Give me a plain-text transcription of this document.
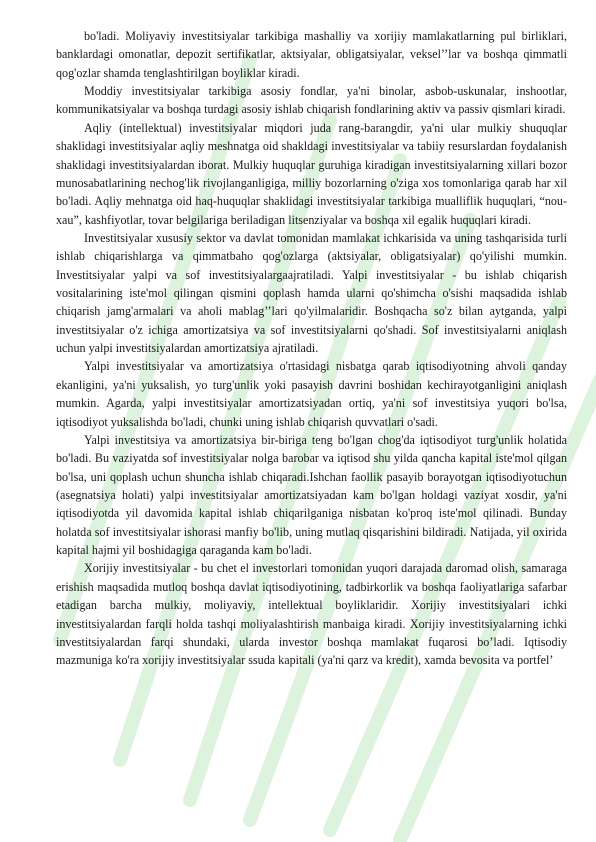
bo'ladi. Moliyaviy investitsiyalar tarkibiga mashalliy va xorijiy mamlakatlarning pul birliklari, banklardagi omonatlar, depozit sertifikatlar, aktsiyalar, obligatsiyalar, veksel’’lar va boshqa qimmatli qog'ozlar shamda tenglashtirilgan boyliklar kiradi.

Moddiy investitsiyalar tarkibiga asosiy fondlar, ya'ni binolar, asbob-uskunalar, inshootlar, kommunikatsiyalar va boshqa turdagi asosiy ishlab chiqarish fondlarining aktiv va passiv qismlari kiradi.

Aqliy (intellektual) investitsiyalar miqdori juda rang-barangdir, ya'ni ular mulkiy shuquqlar shaklidagi investitsiyalar aqliy meshnatga oid shakldagi investitsiyalar va tabiiy resurslardan foydalanish shaklidagi investitsiyalardan iborat. Mulkiy huquqlar guruhiga kiradigan investitsiyalarning xillari bozor munosabatlarining nechog'lik rivojlanganligiga, milliy bozorlarning o'ziga xos tomonlariga qarab har xil bo'ladi. Aqliy mehnatga oid haq-huquqlar shaklidagi investitsiyalar tarkibiga mualliflik huquqlari, “nou-xau”, kashfiyotlar, tovar belgilariga beriladigan litsenziyalar va boshqa xil egalik huquqlari kiradi.

Investitsiyalar xususiy sektor va davlat tomonidan mamlakat ichkarisida va uning tashqarisida turli ishlab chiqarishlarga va qimmatbaho qog'ozlarga (aktsiyalar, obligatsiyalar) qo'yilishi mumkin. Investitsiyalar yalpi va sof investitsiyalargaajratiladi. Yalpi investitsiyalar - bu ishlab chiqarish vositalarining iste'mol qilingan qismini qoplash hamda ularni qo'shimcha o'sishi maqsadida ishlab chiqarish jamg'armalari va aholi mablag’’lari qo'yilmalaridir. Boshqacha so'z bilan aytganda, yalpi investitsiyalar o'z ichiga amortizatsiya va sof investitsiyalarni qo'shadi. Sof investitsiyalarni aniqlash uchun yalpi investitsiyalardan amortizatsiya ajratiladi.

Yalpi investitsiyalar va amortizatsiya o'rtasidagi nisbatga qarab iqtisodiyotning ahvoli qanday ekanligini, ya'ni yuksalish, yo turg'unlik yoki pasayish davrini boshidan kechirayotganligini aniqlash mumkin. Agarda, yalpi investitsiyalar amortizatsiyadan ortiq, ya'ni sof investitsiya yuqori bo'lsa, iqtisodiyot yuksalishda bo'ladi, chunki uning ishlab chiqarish quvvatlari o'sadi.

Yalpi investitsiya va amortizatsiya bir-biriga teng bo'lgan chog'da iqtisodiyot turg'unlik holatida bo'ladi. Bu vaziyatda sof investitsiyalar nolga barobar va iqtisod shu yilda qancha kapital iste'mol qilgan bo'lsa, uni qoplash uchun shuncha ishlab chiqaradi.Ishchan faollik pasayib borayotgan iqtisodiyotuchun (asegnatsiya holati) yalpi investitsiyalar amortizatsiyadan kam bo'lgan holdagi vaziyat xosdir, ya'ni iqtisodiyotda yil davomida kapital ishlab chiqarilganiga nisbatan ko'proq iste'mol qilinadi. Bunday holatda sof investitsiyalar ishorasi manfiy bo'lib, uning mutlaq qisqarishini bildiradi. Natijada, yil oxirida kapital hajmi yil boshidagiga qaraganda kam bo'ladi.

Xorijiy investitsiyalar - bu chet el investorlari tomonidan yuqori darajada daromad olish, samaraga erishish maqsadida mutloq boshqa davlat iqtisodiyotining, tadbirkorlik va boshqa faoliyatlariga safarbar etadigan barcha mulkiy, moliyaviy, intellektual boyliklaridir. Xorijiy investitsiyalari ichki investitsiyalardan farqli holda tashqi moliyalashtirish manbaiga kiradi. Xorijiy investitsiyalarning ichki investitsiyalardan farqi shundaki, ularda investor boshqa mamlakat fuqarosi bo’ladi. Iqtisodiy mazmuniga ko'ra xorijiy investitsiyalar ssuda kapitali (ya'ni qarz va kredit), xamda bevosita va portfel’
